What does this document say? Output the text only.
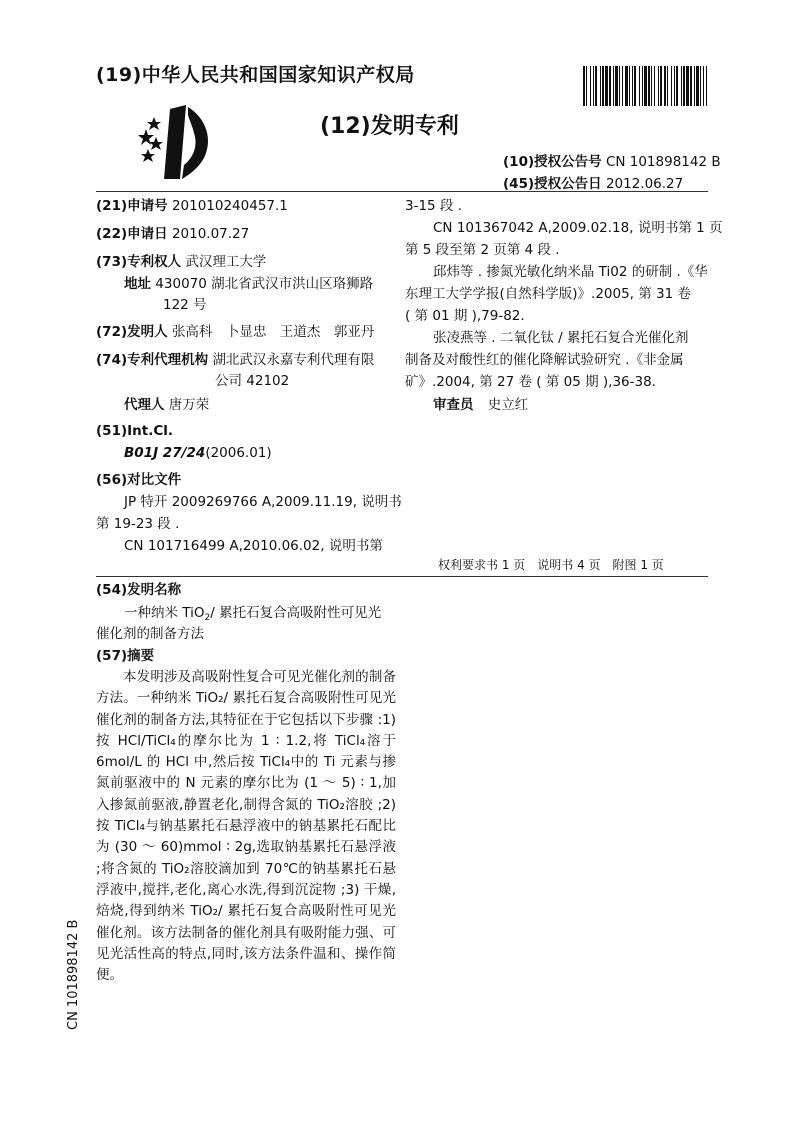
(19)中华人民共和国国家知识产权局
(12)发明专利
(10)授权公告号 CN 101898142 B
(45)授权公告日 2012.06.27
(21)申请号 201010240457.1
(22)申请日 2010.07.27
(73)专利权人 武汉理工大学
地址 430070 湖北省武汉市洪山区珞狮路
122 号
(72)发明人 张高科　卜显忠　王道杰　郭亚丹
(74)专利代理机构 湖北武汉永嘉专利代理有限
公司 42102
代理人 唐万荣
(51)Int.Cl.
B01J 27/24(2006.01)
(56)对比文件
JP 特开 2009269766 A,2009.11.19, 说明书
第 19-23 段 .
CN 101716499 A,2010.06.02, 说明书第
3-15 段 .
CN 101367042 A,2009.02.18, 说明书第 1 页
第 5 段至第 2 页第 4 段 .
邱炜等 . 掺氮光敏化纳米晶 Ti02 的研制 .《华
东理工大学学报(自然科学版)》.2005, 第 31 卷
( 第 01 期 ),79-82.
张凌燕等 . 二氧化钛 / 累托石复合光催化剂
制备及对酸性红的催化降解试验研究 .《非金属
矿》.2004, 第 27 卷 ( 第 05 期 ),36-38.
审查员 史立红
权利要求书 1 页　说明书 4 页　附图 1 页
(54)发明名称
一种纳米 TiO$_2$/ 累托石复合高吸附性可见光
催化剂的制备方法
(57)摘要
本发明涉及高吸附性复合可见光催化剂的制备方法。一种纳米 TiO₂/ 累托石复合高吸附性可见光催化剂的制备方法,其特征在于它包括以下步骤 :1) 按 HCl/TiCl₄的摩尔比为 1 ∶ 1.2,将 TiCl₄溶于 6mol/L 的 HCl 中,然后按 TiCl₄中的 Ti 元素与掺氮前驱液中的 N 元素的摩尔比为 (1 ～ 5) ∶ 1,加入掺氮前驱液,静置老化,制得含氮的 TiO₂溶胶 ;2) 按 TiCl₄与钠基累托石悬浮液中的钠基累托石配比为 (30 ～ 60)mmol ∶ 2g,选取钠基累托石悬浮液 ;将含氮的 TiO₂溶胶滴加到 70℃的钠基累托石悬浮液中,搅拌,老化,离心水洗,得到沉淀物 ;3) 干燥,焙烧,得到纳米 TiO₂/ 累托石复合高吸附性可见光催化剂。该方法制备的催化剂具有吸附能力强、可见光活性高的特点,同时,该方法条件温和、操作简便。
CN 101898142 B
